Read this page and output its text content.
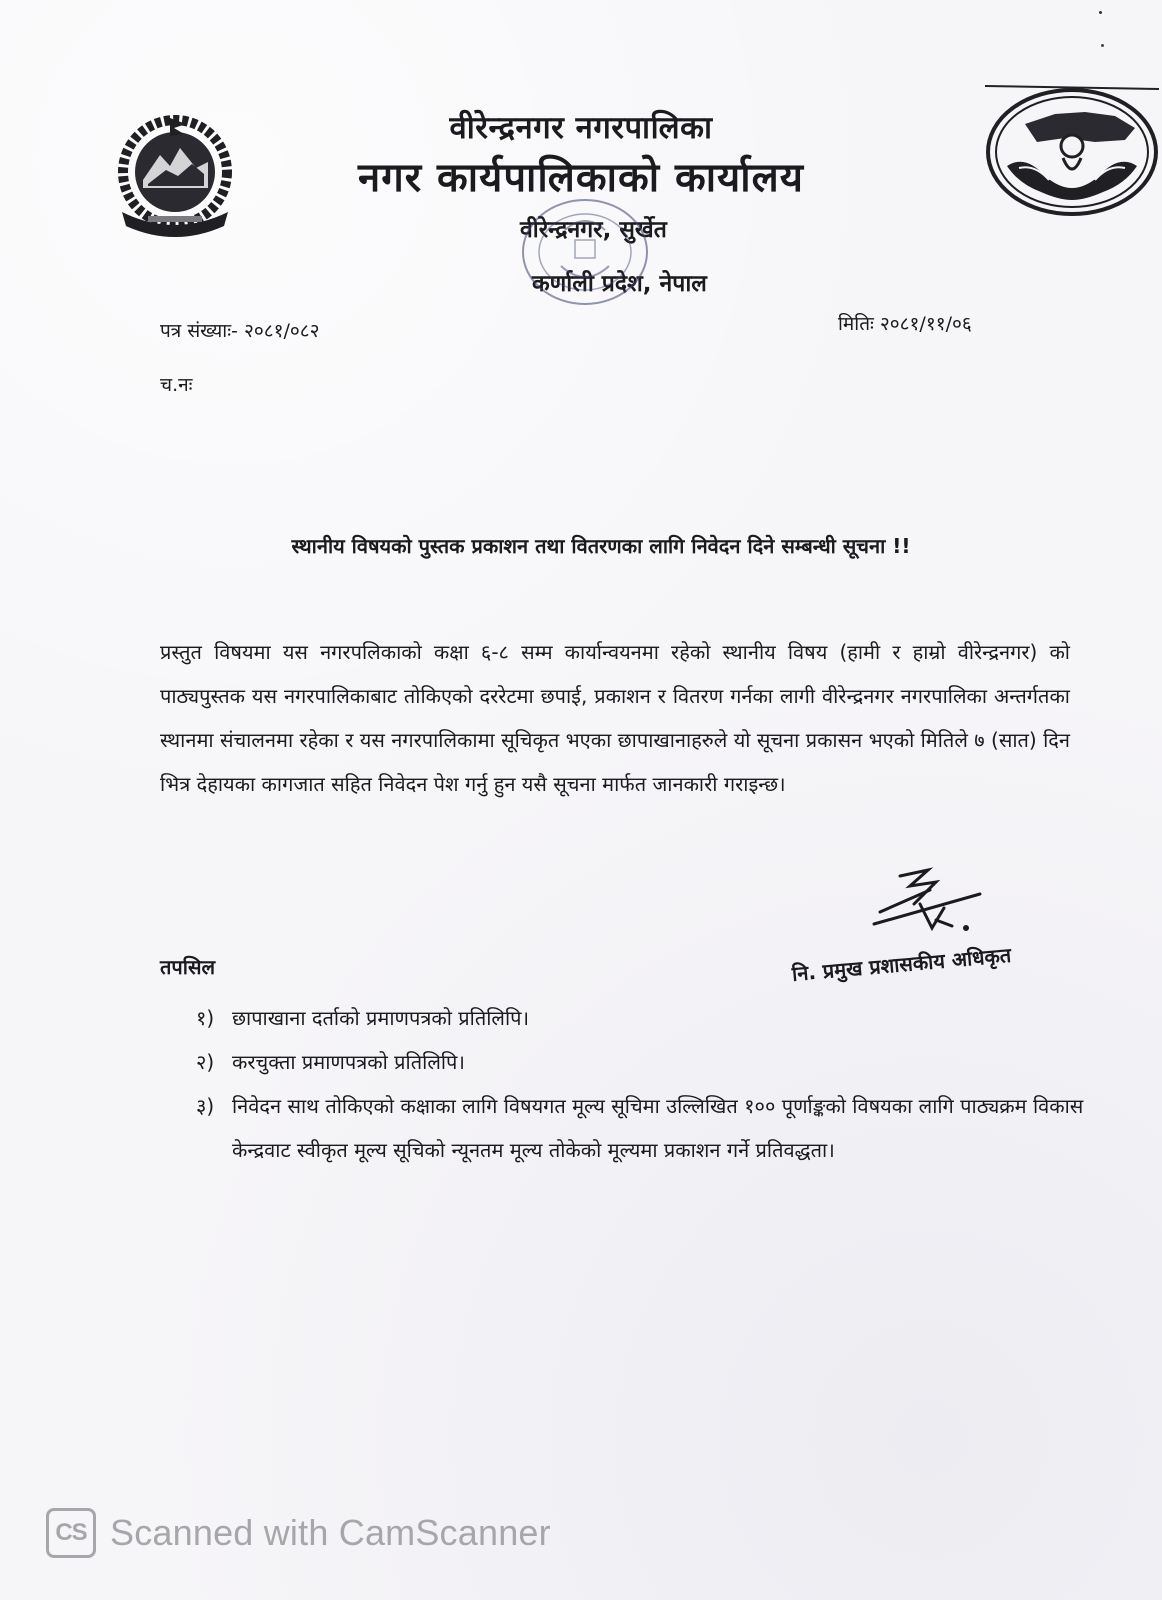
वीरेन्द्रनगर नगरपालिका
नगर कार्यपालिकाको कार्यालय
वीरेन्द्रनगर, सुर्खेत
कर्णाली प्रदेश, नेपाल
पत्र संख्याः- २०८१/०८२	मितिः २०८१/११/०६
च.नः
स्थानीय विषयको पुस्तक प्रकाशन तथा वितरणका लागि निवेदन दिने सम्बन्धी सूचना !!
प्रस्तुत विषयमा यस नगरपलिकाको कक्षा ६-८ सम्म कार्यान्वयनमा रहेको स्थानीय विषय (हामी र हाम्रो वीरेन्द्रनगर) को पाठ्यपुस्तक यस नगरपालिकाबाट तोकिएको दररेटमा छपाई, प्रकाशन र वितरण गर्नका लागी वीरेन्द्रनगर नगरपालिका अन्तर्गतका स्थानमा संचालनमा रहेका र यस नगरपालिकामा सूचिकृत भएका छापाखानाहरुले यो सूचना प्रकासन भएको मितिले ७ (सात) दिन भित्र देहायका कागजात सहित निवेदन पेश गर्नु हुन यसै सूचना मार्फत जानकारी गराइन्छ।
नि. प्रमुख प्रशासकीय अधिकृत
तपसिल
१) छापाखाना दर्ताको प्रमाणपत्रको प्रतिलिपि।
२) करचुक्ता प्रमाणपत्रको प्रतिलिपि।
३) निवेदन साथ तोकिएको कक्षाका लागि विषयगत मूल्य सूचिमा उल्लिखित १०० पूर्णाङ्कको विषयका लागि पाठ्यक्रम विकास केन्द्रवाट स्वीकृत मूल्य सूचिको न्यूनतम मूल्य तोकेको मूल्यमा प्रकाशन गर्ने प्रतिवद्धता।
CS Scanned with CamScanner
